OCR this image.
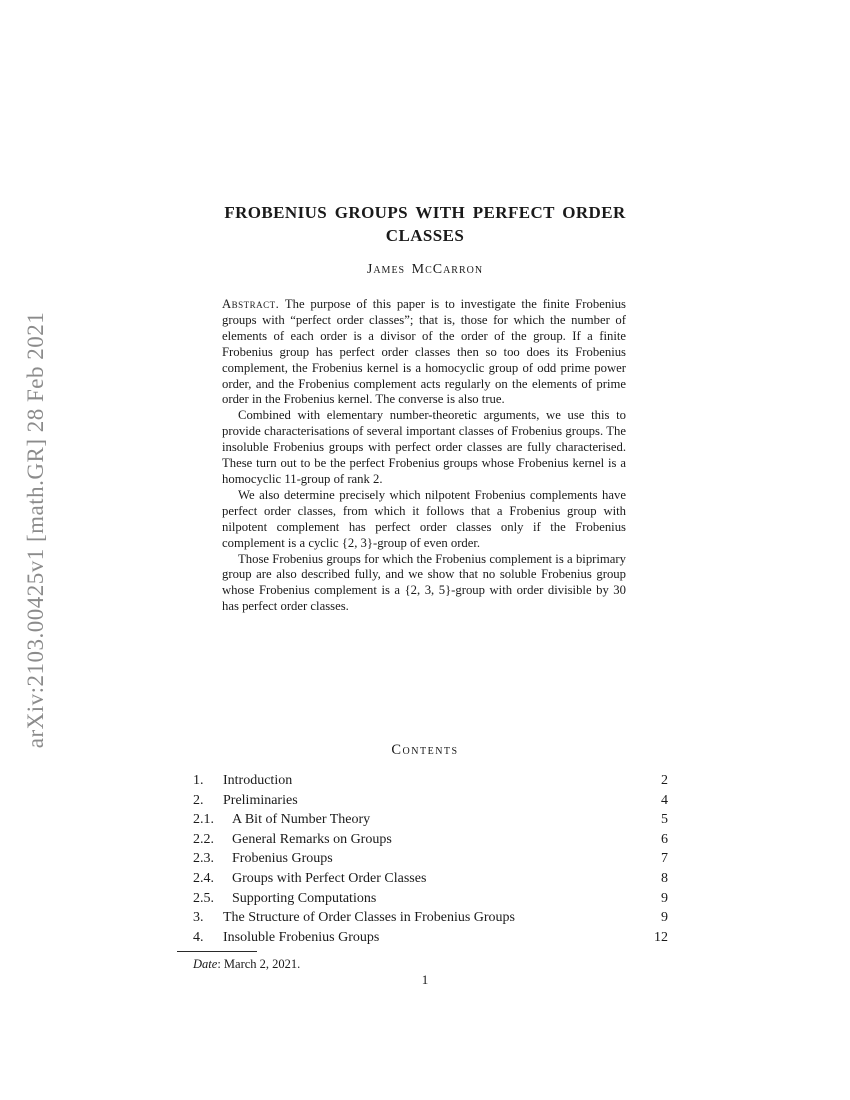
arXiv:2103.00425v1 [math.GR] 28 Feb 2021
FROBENIUS GROUPS WITH PERFECT ORDER
CLASSES
James McCarron

Abstract. The purpose of this paper is to investigate the finite Frobenius groups with “perfect order classes”; that is, those for which the number of elements of each order is a divisor of the order of the group. If a finite Frobenius group has perfect order classes then so too does its Frobenius complement, the Frobenius kernel is a homocyclic group of odd prime power order, and the Frobenius complement acts regularly on the elements of prime order in the Frobenius kernel. The converse is also true.

Combined with elementary number-theoretic arguments, we use this to provide characterisations of several important classes of Frobenius groups. The insoluble Frobenius groups with perfect order classes are fully characterised. These turn out to be the perfect Frobenius groups whose Frobenius kernel is a homocyclic 11-group of rank 2.

We also determine precisely which nilpotent Frobenius complements have perfect order classes, from which it follows that a Frobenius group with nilpotent complement has perfect order classes only if the Frobenius complement is a cyclic {2, 3}-group of even order.

Those Frobenius groups for which the Frobenius complement is a biprimary group are also described fully, and we show that no soluble Frobenius group whose Frobenius complement is a {2, 3, 5}-group with order divisible by 30 has perfect order classes.

Contents
1.	Introduction	2
2.	Preliminaries	4
2.1.	A Bit of Number Theory	5
2.2.	General Remarks on Groups	6
2.3.	Frobenius Groups	7
2.4.	Groups with Perfect Order Classes	8
2.5.	Supporting Computations	9
3.	The Structure of Order Classes in Frobenius Groups	9
4.	Insoluble Frobenius Groups	12
Date: March 2, 2021.
1
